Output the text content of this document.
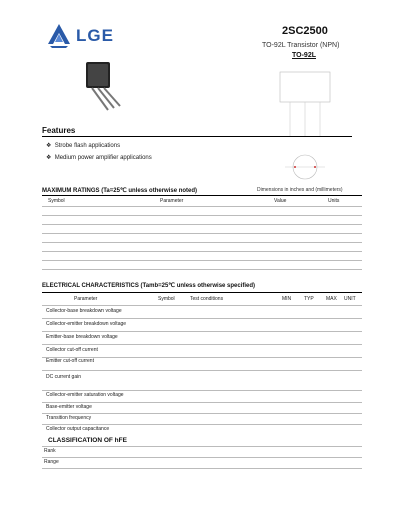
LGE	2SC2500
TO-92L Transistor (NPN)
TO-92L
Features
❖  Strobe flash applications
❖  Medium power amplifier applications
MAXIMUM RATINGS (Ta=25℃ unless otherwise noted)	Dimensions in inches and (millimeters)
Symbol	Parameter	Value	Units
ELECTRICAL CHARACTERISTICS (Tamb=25℃ unless otherwise specified)
Parameter	Symbol	Test conditions	MIN	TYP MAX UNIT
Collector-base breakdown voltage
Collector-emitter breakdown voltage
Emitter-base breakdown voltage
Collector cut-off current
Emitter cut-off current
DC current gain
Collector-emitter saturation voltage
Base-emitter voltage
Transition frequency
Collector output capacitance
CLASSIFICATION OF hFE
Rank
Range
